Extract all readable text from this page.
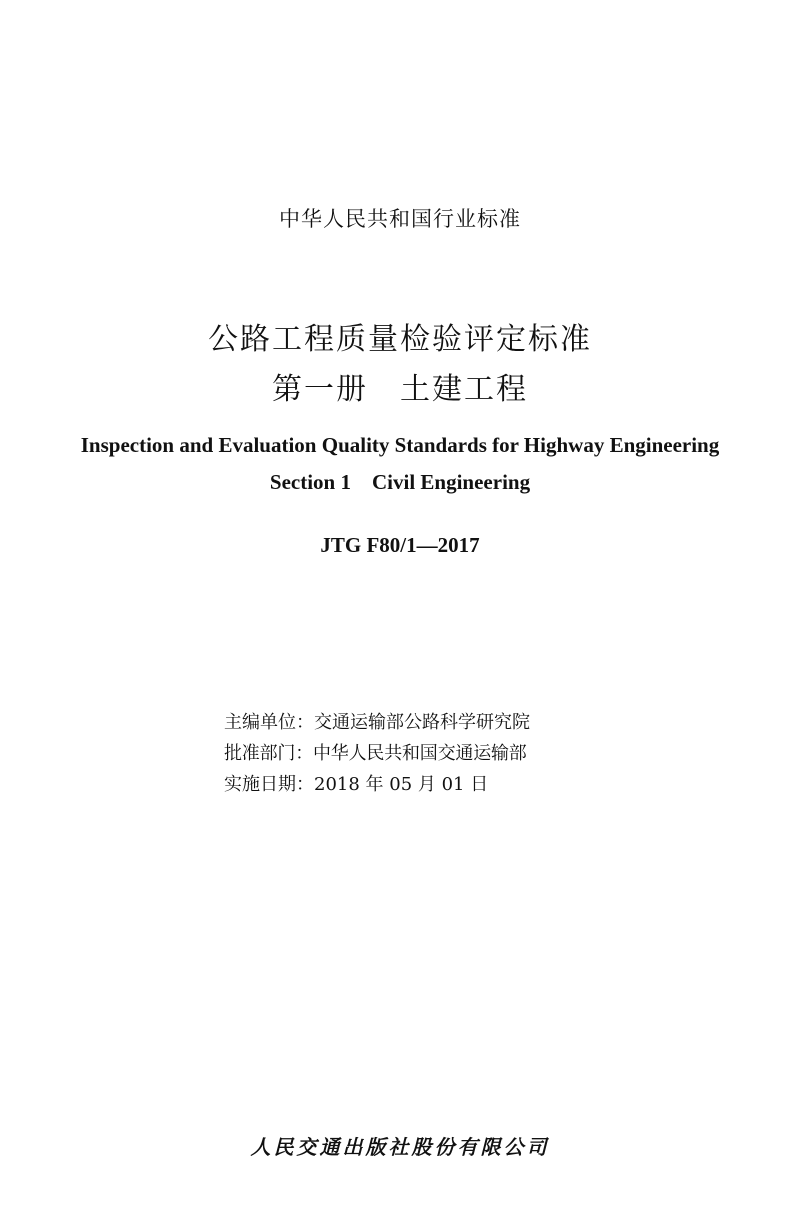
中华人民共和国行业标准
公路工程质量检验评定标准
第一册　土建工程
Inspection and Evaluation Quality Standards for Highway Engineering
Section 1　Civil Engineering
JTG F80/1—2017
主编单位：交通运输部公路科学研究院
批准部门：中华人民共和国交通运输部
实施日期：2018 年 05 月 01 日
人民交通出版社股份有限公司
